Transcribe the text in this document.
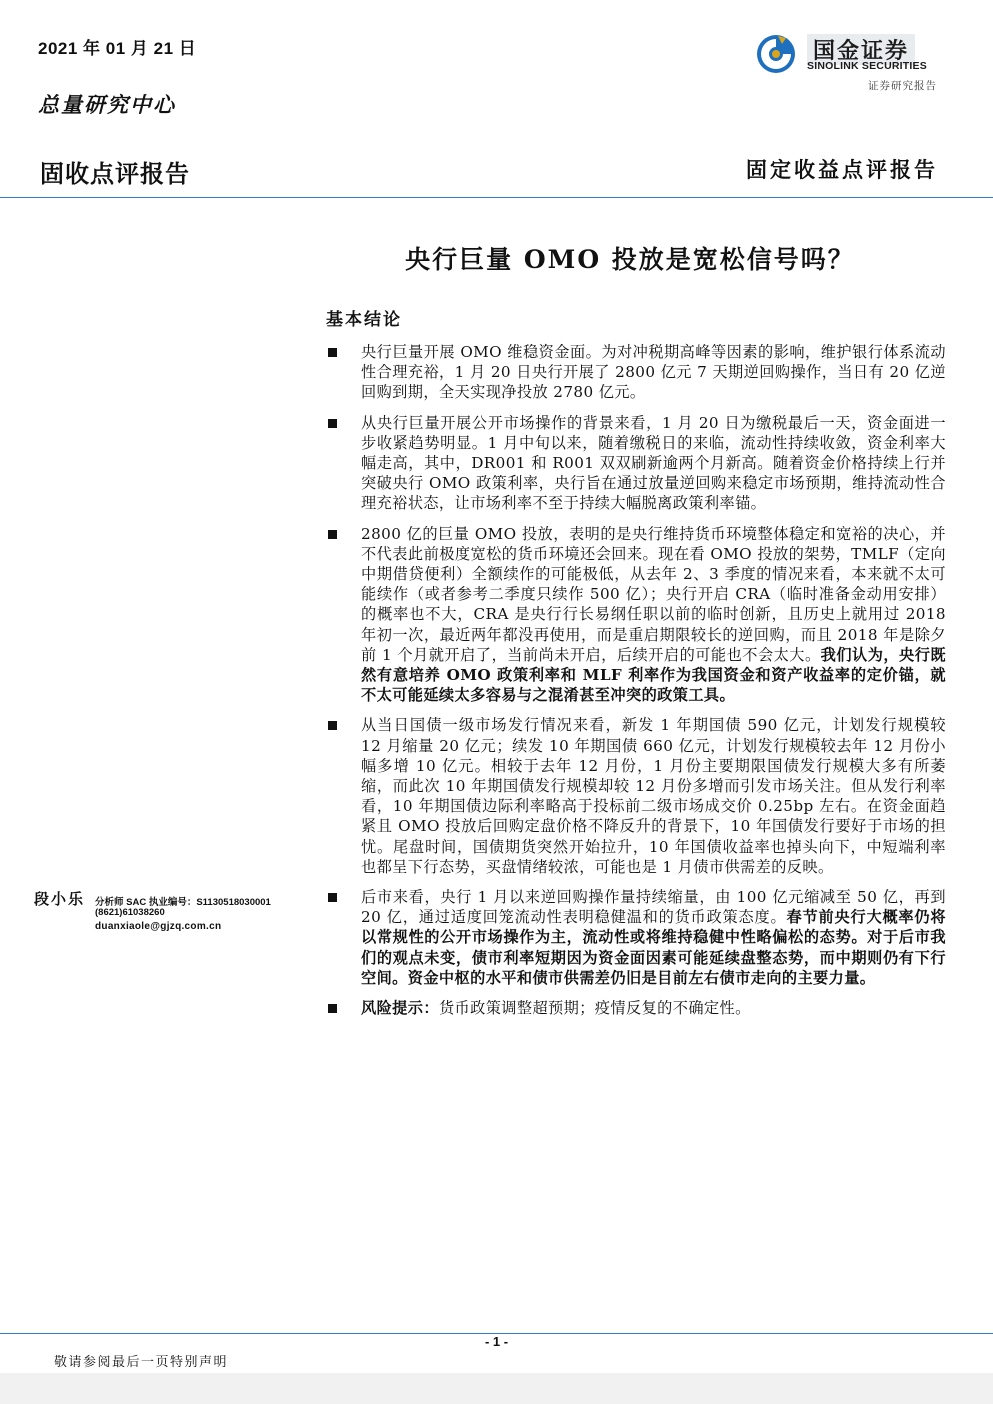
2021 年 01 月 21 日
总量研究中心
国金证券
SINOLINK SECURITIES
证券研究报告
固收点评报告	固定收益点评报告
央行巨量 OMO 投放是宽松信号吗？
基本结论
央行巨量开展 OMO 维稳资金面。为对冲税期高峰等因素的影响，维护银行体系流动性合理充裕，1 月 20 日央行开展了 2800 亿元 7 天期逆回购操作，当日有 20 亿逆回购到期，全天实现净投放 2780 亿元。
从央行巨量开展公开市场操作的背景来看，1 月 20 日为缴税最后一天，资金面进一步收紧趋势明显。1 月中旬以来，随着缴税日的来临，流动性持续收敛，资金利率大幅走高，其中，DR001 和 R001 双双刷新逾两个月新高。随着资金价格持续上行并突破央行 OMO 政策利率，央行旨在通过放量逆回购来稳定市场预期，维持流动性合理充裕状态，让市场利率不至于持续大幅脱离政策利率锚。
2800 亿的巨量 OMO 投放，表明的是央行维持货币环境整体稳定和宽裕的决心，并不代表此前极度宽松的货币环境还会回来。现在看 OMO 投放的架势，TMLF（定向中期借贷便利）全额续作的可能极低，从去年 2、3 季度的情况来看，本来就不太可能续作（或者参考二季度只续作 500 亿）；央行开启 CRA（临时准备金动用安排）的概率也不大，CRA 是央行行长易纲任职以前的临时创新，且历史上就用过 2018 年初一次，最近两年都没再使用，而是重启期限较长的逆回购，而且 2018 年是除夕前 1 个月就开启了，当前尚未开启，后续开启的可能也不会太大。我们认为，央行既然有意培养 OMO 政策利率和 MLF 利率作为我国资金和资产收益率的定价锚，就不太可能延续太多容易与之混淆甚至冲突的政策工具。
从当日国债一级市场发行情况来看，新发 1 年期国债 590 亿元，计划发行规模较 12 月缩量 20 亿元；续发 10 年期国债 660 亿元，计划发行规模较去年 12 月份小幅多增 10 亿元。相较于去年 12 月份，1 月份主要期限国债发行规模大多有所萎缩，而此次 10 年期国债发行规模却较 12 月份多增而引发市场关注。但从发行利率看，10 年期国债边际利率略高于投标前二级市场成交价 0.25bp 左右。在资金面趋紧且 OMO 投放后回购定盘价格不降反升的背景下，10 年国债发行要好于市场的担忧。尾盘时间，国债期货突然开始拉升，10 年国债收益率也掉头向下，中短端利率也都呈下行态势，买盘情绪较浓，可能也是 1 月债市供需差的反映。
后市来看，央行 1 月以来逆回购操作量持续缩量，由 100 亿元缩减至 50 亿，再到 20 亿，通过适度回笼流动性表明稳健温和的货币政策态度。春节前央行大概率仍将以常规性的公开市场操作为主，流动性或将维持稳健中性略偏松的态势。对于后市我们的观点未变，债市利率短期因为资金面因素可能延续盘整态势，而中期则仍有下行空间。资金中枢的水平和债市供需差仍旧是目前左右债市走向的主要力量。
风险提示：货币政策调整超预期；疫情反复的不确定性。
段小乐 分析师 SAC 执业编号：S1130518030001
(8621)61038260
duanxiaole@gjzq.com.cn
- 1 -
敬请参阅最后一页特别声明
